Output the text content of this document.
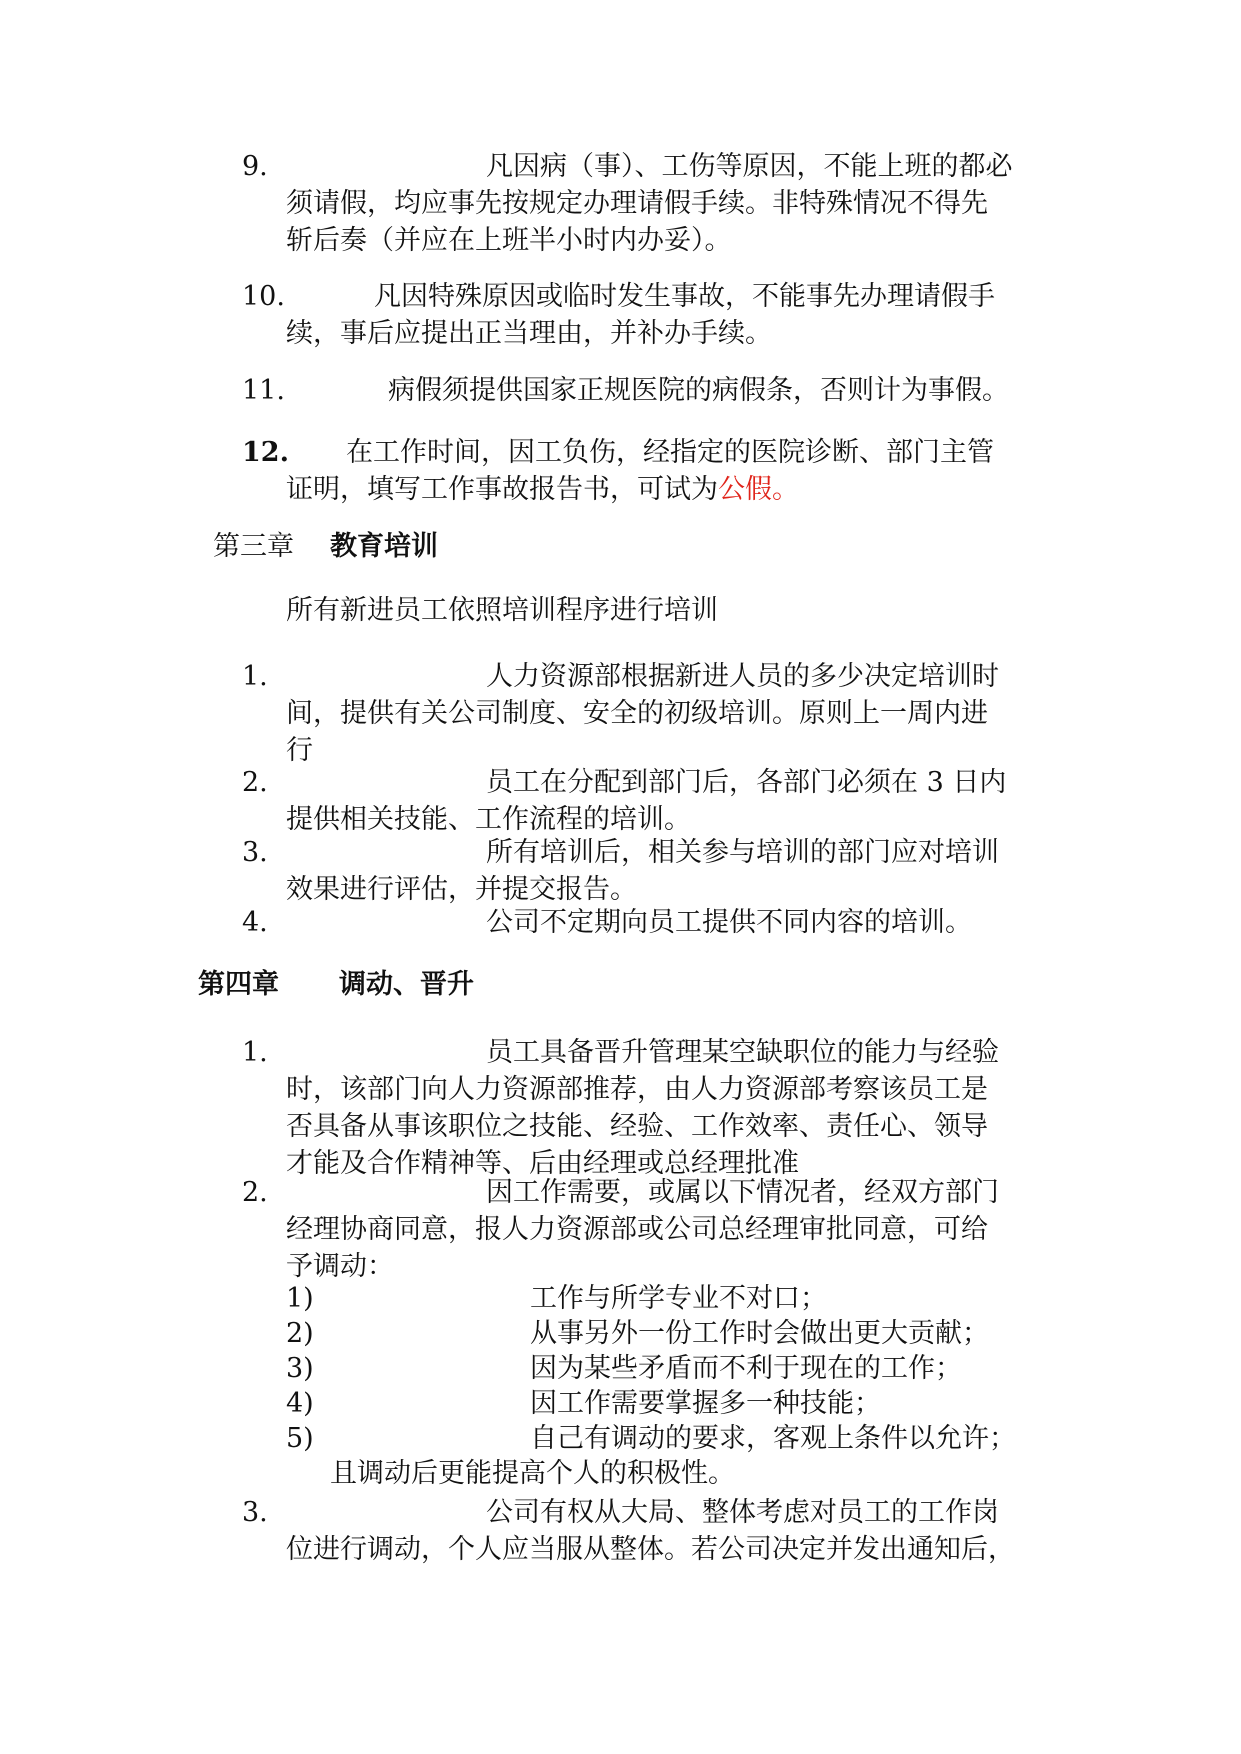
9.	凡因病（事）、工伤等原因，不能上班的都必
须请假，均应事先按规定办理请假手续。非特殊情况不得先
斩后奏（并应在上班半小时内办妥）。
10.	凡因特殊原因或临时发生事故，不能事先办理请假手
续，事后应提出正当理由，并补办手续。
11.	病假须提供国家正规医院的病假条，否则计为事假。
12.	在工作时间，因工负伤，经指定的医院诊断、部门主管
证明，填写工作事故报告书，可试为公假。
第三章 教育培训
所有新进员工依照培训程序进行培训
1.	人力资源部根据新进人员的多少决定培训时
间，提供有关公司制度、安全的初级培训。原则上一周内进
行
2.	员工在分配到部门后，各部门必须在 3 日内
提供相关技能、工作流程的培训。
3.	所有培训后，相关参与培训的部门应对培训
效果进行评估，并提交报告。
4.	公司不定期向员工提供不同内容的培训。
第四章 调动、晋升
1.	员工具备晋升管理某空缺职位的能力与经验
时，该部门向人力资源部推荐，由人力资源部考察该员工是
否具备从事该职位之技能、经验、工作效率、责任心、领导
才能及合作精神等、后由经理或总经理批准
2.	因工作需要，或属以下情况者，经双方部门
经理协商同意，报人力资源部或公司总经理审批同意，可给
予调动：
1)	工作与所学专业不对口；
2)	从事另外一份工作时会做出更大贡献；
3)	因为某些矛盾而不利于现在的工作；
4)	因工作需要掌握多一种技能；
5)	自己有调动的要求，客观上条件以允许；
且调动后更能提高个人的积极性。
3.	公司有权从大局、整体考虑对员工的工作岗
位进行调动，个人应当服从整体。若公司决定并发出通知后，
